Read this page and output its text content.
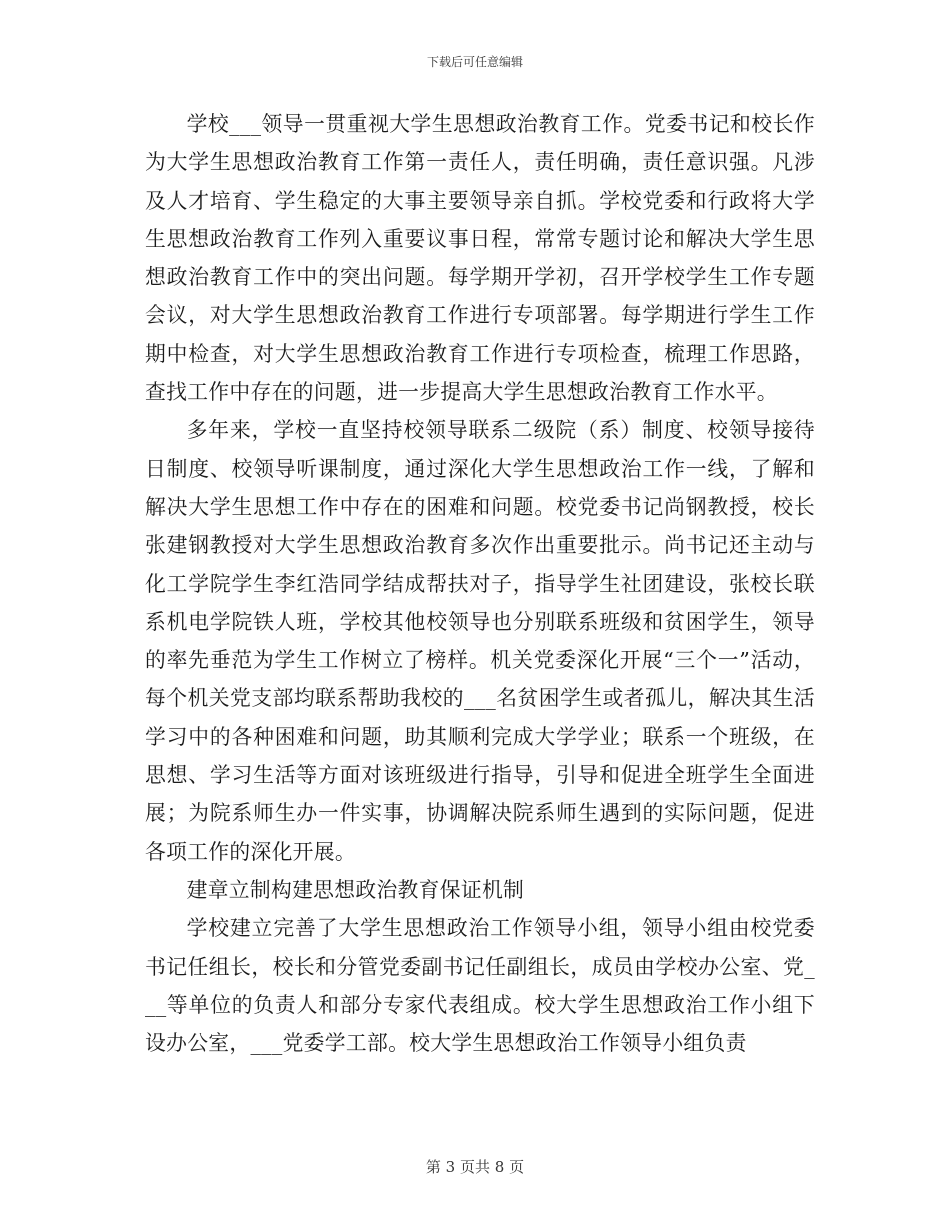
下载后可任意编辑

学校___领导一贯重视大学生思想政治教育工作。党委书记和校长作为大学生思想政治教育工作第一责任人，责任明确，责任意识强。凡涉及人才培育、学生稳定的大事主要领导亲自抓。学校党委和行政将大学生思想政治教育工作列入重要议事日程，常常专题讨论和解决大学生思想政治教育工作中的突出问题。每学期开学初，召开学校学生工作专题会议，对大学生思想政治教育工作进行专项部署。每学期进行学生工作期中检查，对大学生思想政治教育工作进行专项检查，梳理工作思路，查找工作中存在的问题，进一步提高大学生思想政治教育工作水平。

多年来，学校一直坚持校领导联系二级院（系）制度、校领导接待日制度、校领导听课制度，通过深化大学生思想政治工作一线，了解和解决大学生思想工作中存在的困难和问题。校党委书记尚钢教授，校长张建钢教授对大学生思想政治教育多次作出重要批示。尚书记还主动与化工学院学生李红浩同学结成帮扶对子，指导学生社团建设，张校长联系机电学院铁人班，学校其他校领导也分别联系班级和贫困学生，领导的率先垂范为学生工作树立了榜样。机关党委深化开展“三个一”活动，每个机关党支部均联系帮助我校的___名贫困学生或者孤儿，解决其生活学习中的各种困难和问题，助其顺利完成大学学业；联系一个班级，在思想、学习生活等方面对该班级进行指导，引导和促进全班学生全面进展；为院系师生办一件实事，协调解决院系师生遇到的实际问题，促进各项工作的深化开展。

建章立制构建思想政治教育保证机制

学校建立完善了大学生思想政治工作领导小组，领导小组由校党委书记任组长，校长和分管党委副书记任副组长，成员由学校办公室、党___等单位的负责人和部分专家代表组成。校大学生思想政治工作小组下设办公室，___党委学工部。校大学生思想政治工作领导小组负责

第 3 页共 8 页
